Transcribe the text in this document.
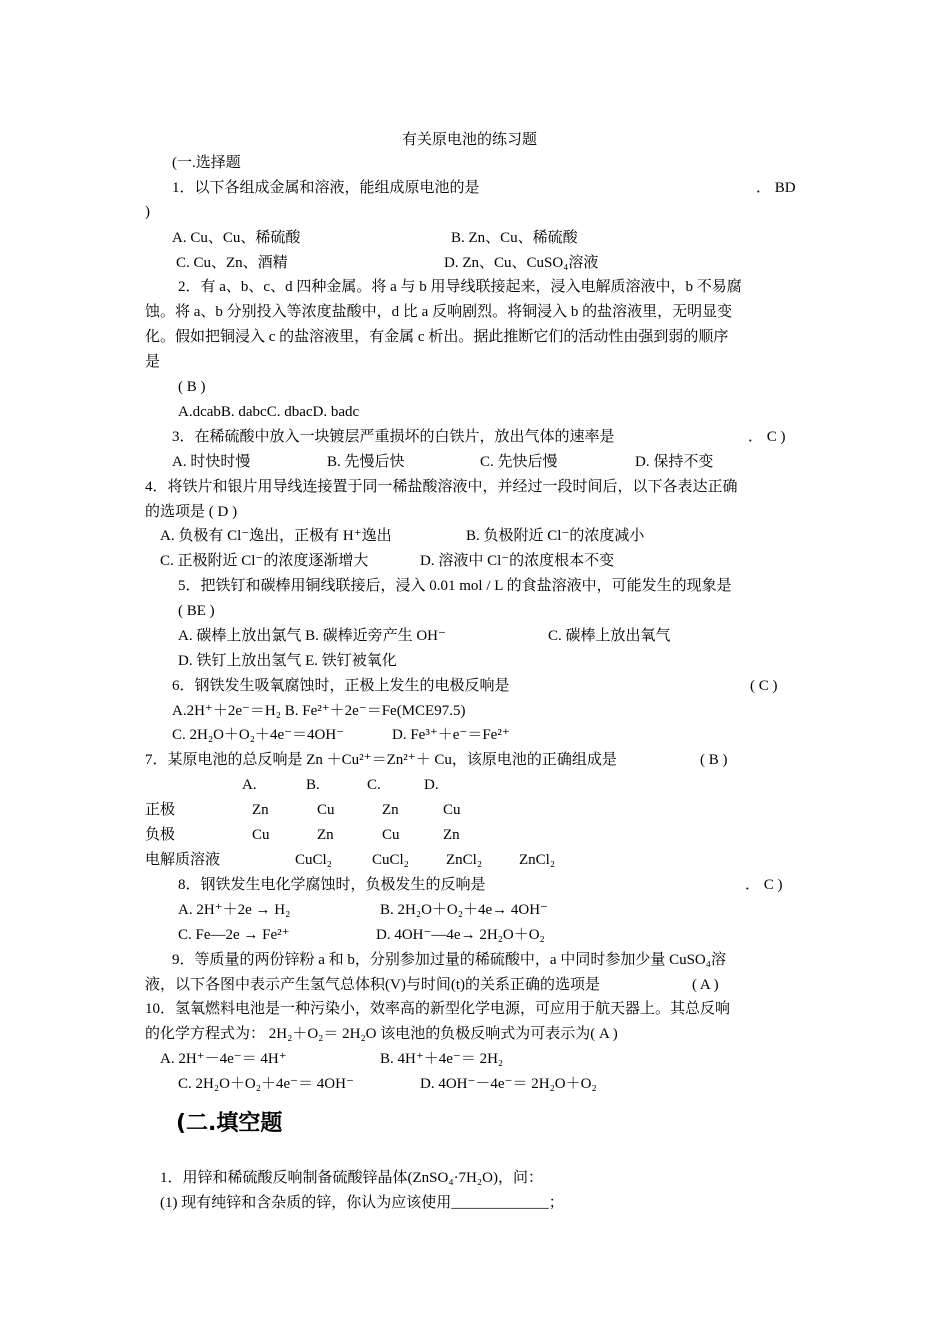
有关原电池的练习题
(一.选择题
1．以下各组成金属和溶液，能组成原电池的是	． BD
)
A. Cu、Cu、稀硫酸	B. Zn、Cu、稀硫酸
C. Cu、Zn、酒精	D. Zn、Cu、CuSO₄溶液
2．有 a、b、c、d 四种金属。将 a 与 b 用导线联接起来，浸入电解质溶液中，b 不易腐
蚀。将 a、b 分别投入等浓度盐酸中，d 比 a 反响剧烈。将铜浸入 b 的盐溶液里，无明显变
化。假如把铜浸入 c 的盐溶液里，有金属 c 析出。据此推断它们的活动性由强到弱的顺序
是
( B )
A.dcabB. dabcC. dbacD. badc
3．在稀硫酸中放入一块镀层严重损坏的白铁片，放出气体的速率是	． C )
A. 时快时慢	B. 先慢后快	C. 先快后慢	D. 保持不变
4．将铁片和银片用导线连接置于同一稀盐酸溶液中，并经过一段时间后，以下各表达正确
的选项是 ( D )
A. 负极有 Cl⁻逸出，正极有 H⁺逸出	B. 负极附近 Cl⁻的浓度减小
C. 正极附近 Cl⁻的浓度逐渐增大	D. 溶液中 Cl⁻的浓度根本不变
5．把铁钉和碳棒用铜线联接后，浸入 0.01 mol / L 的食盐溶液中，可能发生的现象是
( BE )
A. 碳棒上放出氯气 B. 碳棒近旁产生 OH⁻	C. 碳棒上放出氧气
D. 铁钉上放出氢气 E. 铁钉被氧化
6．钢铁发生吸氧腐蚀时，正极上发生的电极反响是	( C )
A.2H⁺＋2e⁻＝H₂ B. Fe²⁺＋2e⁻＝Fe(MCE97.5)
C. 2H₂O＋O₂＋4e⁻＝4OH⁻	D. Fe³⁺＋e⁻＝Fe²⁺
7．某原电池的总反响是 Zn ＋Cu²⁺＝Zn²⁺＋ Cu，该原电池的正确组成是	( B )
A.	B.	C.	D.
正极	Zn	Cu	Zn	Cu
负极	Cu	Zn	Cu	Zn
电解质溶液	CuCl₂	CuCl₂ ZnCl₂ ZnCl₂
8．钢铁发生电化学腐蚀时，负极发生的反响是	． C )
A. 2H⁺＋2e → H₂	B. 2H₂O＋O₂＋4e→ 4OH⁻
C. Fe—2e → Fe²⁺	D. 4OH⁻—4e→ 2H₂O＋O₂
9．等质量的两份锌粉 a 和 b，分别参加过量的稀硫酸中，a 中同时参加少量 CuSO₄溶
液，以下各图中表示产生氢气总体积(V)与时间(t)的关系正确的选项是	( A )
10．氢氧燃料电池是一种污染小，效率高的新型化学电源，可应用于航天器上。其总反响
的化学方程式为： 2H₂＋O₂＝ 2H₂O 该电池的负极反响式为可表示为( A )
A. 2H⁺－4e⁻＝ 4H⁺	B. 4H⁺＋4e⁻＝ 2H₂
C. 2H₂O＋O₂＋4e⁻＝ 4OH⁻	D. 4OH⁻－4e⁻＝ 2H₂O＋O₂
(二.填空题
1．用锌和稀硫酸反响制备硫酸锌晶体(ZnSO₄·7H₂O)，问：
(1) 现有纯锌和含杂质的锌，你认为应该使用_____________；
